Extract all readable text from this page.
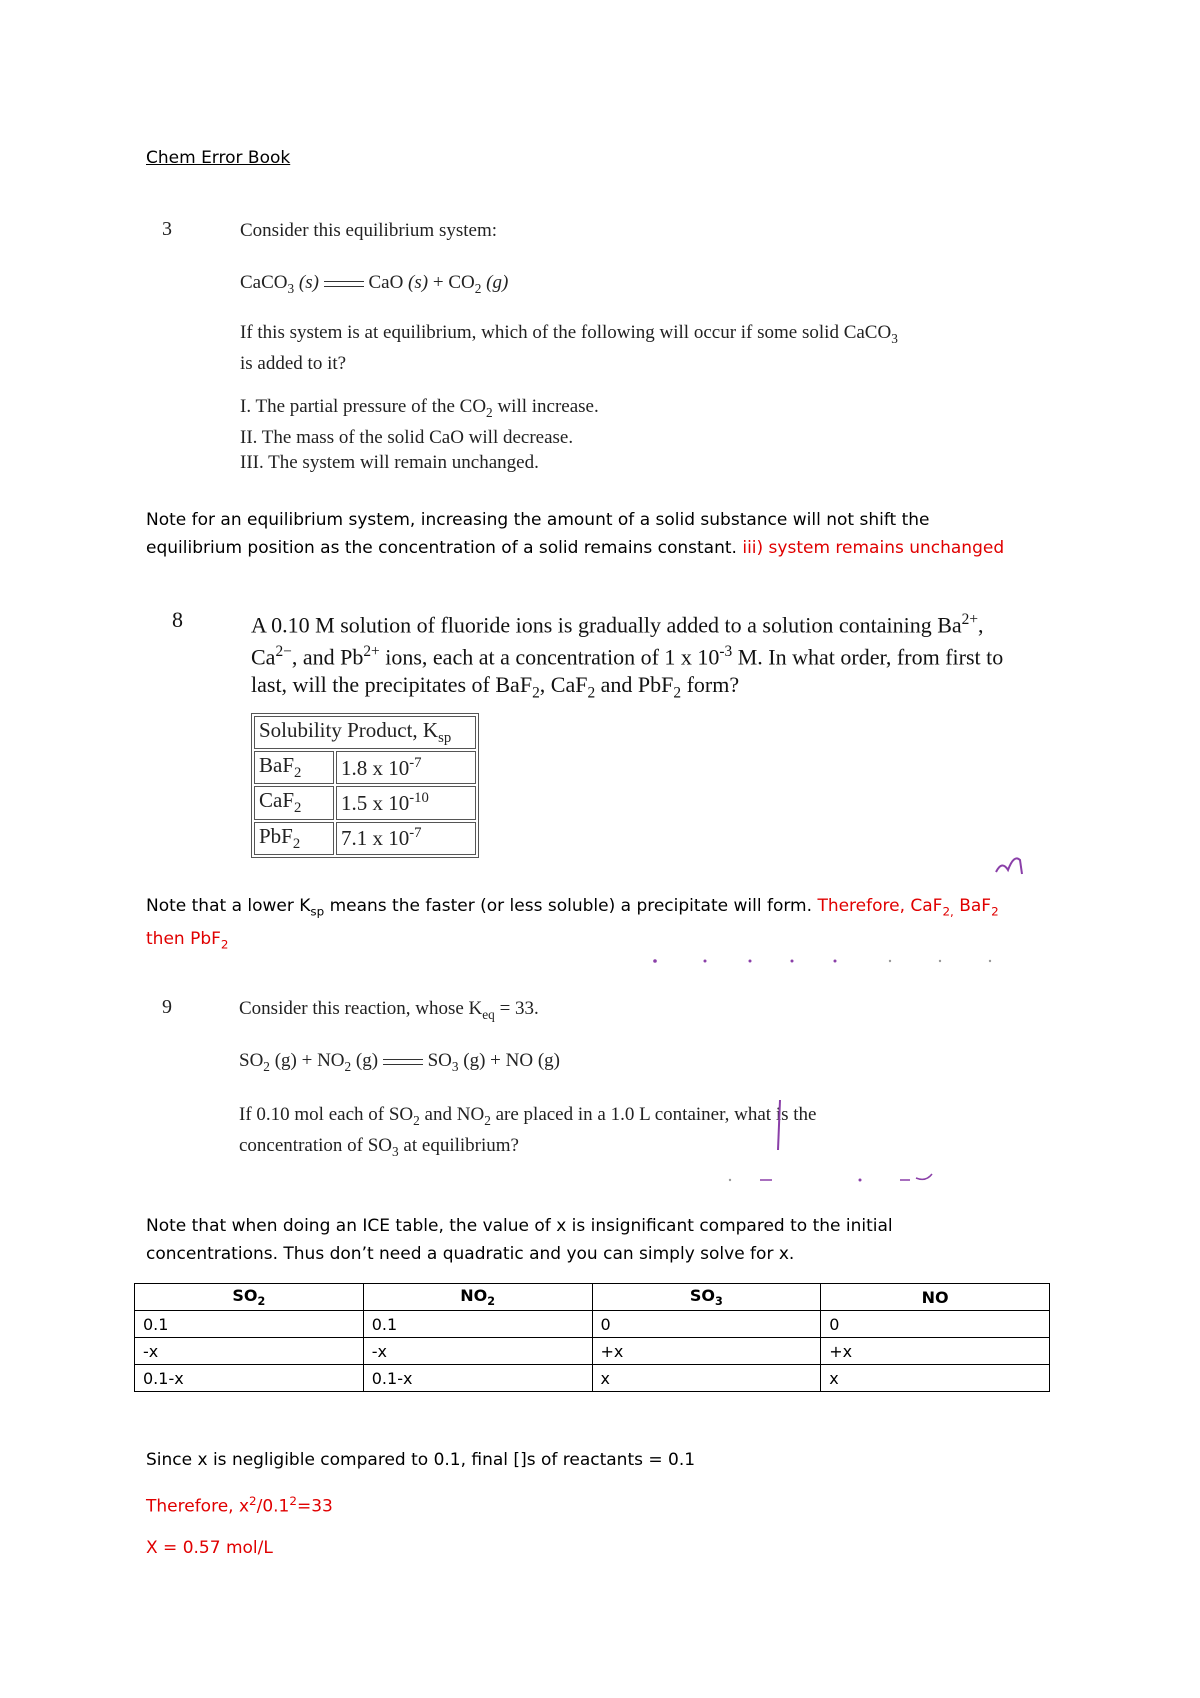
Chem Error Book
3	Consider this equilibrium system:
CaCO$_3$ (s)	CaO $(s) + CO_2$ (g)
If this system is at equilibrium, which of the following will occur if some solid CaCO$_3$
is added to it?
I. The partial pressure of the $CO_2$ will increase.
II. The mass of the solid CaO will decrease.
III. The system will remain unchanged.
Note for an equilibrium system, increasing the amount of a solid substance will not shift the
equilibrium position as the concentration of a solid remains constant. iii) system remains unchanged
8	A 0.10 M solution of fluoride ions is gradually added to a solution containing $Ba^{2+}$,
$Ca^{2-}$, and $Pb^{2+}$ ions, each at a concentration of 1 x $10^{-3}$ M. In what order, from first to
last, will the precipitates of BaF$_2$, CaF$_2$ and PbF$_2$ form?
Solubility Product, $K_{sp}$
BaF$_2$	1.8 x $10^{-7}$
CaF$_2$	1.5 x $10^{-10}$
PbF$_2$	7.1 x $10^{-7}$
Note that a lower $K_{sp}$ means the faster (or less soluble) a precipitate will form. Therefore, CaF$_{2,}$ BaF$_2$
then PbF$_2$
9	Consider this reaction, whose $K_{eq} = 33$.
$SO_2$ $(g) + NO_2$ (g)	$SO_3$ (g) + NO (g)
If 0.10 mol each of $SO_2$ and $NO_2$ are placed in a 1.0 L container, what is the
concentration of $SO_3$ at equilibrium?
Note that when doing an ICE table, the value of x is insignificant compared to the initial
concentrations. Thus don’t need a quadratic and you can simply solve for x.
$SO_2$	$NO_2$	$SO_3$	NO
0.1	0.1	0	0
-x	-x	+x	+x
0.1-x	0.1-x	x	x
Since x is negligible compared to 0.1, final []s of reactants = 0.1
Therefore, $x^2/0.1^2=33$
X = 0.57 mol/L
